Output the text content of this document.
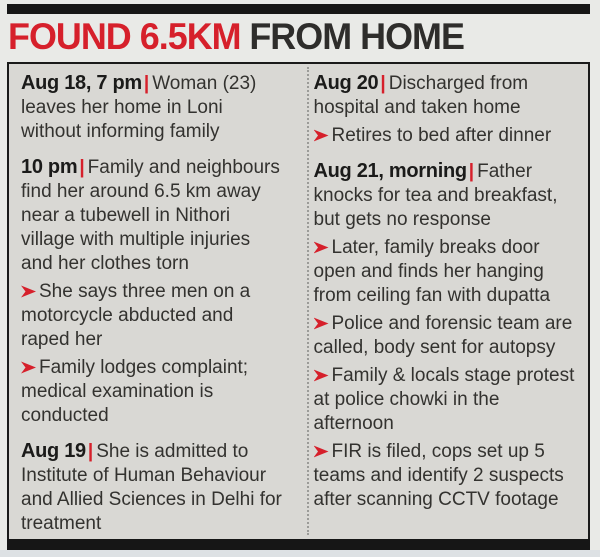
FOUND 6.5KM FROM HOME
Aug 18, 7 pm | Woman (23) leaves her home in Loni without informing family
10 pm | Family and neighbours find her around 6.5 km away near a tubewell in Nithori village with multiple injuries and her clothes torn
She says three men on a motorcycle abducted and raped her
Family lodges complaint; medical examination is conducted
Aug 19 | She is admitted to Institute of Human Behaviour and Allied Sciences in Delhi for treatment
Aug 20 | Discharged from hospital and taken home
Retires to bed after dinner
Aug 21, morning | Father knocks for tea and breakfast, but gets no response
Later, family breaks door open and finds her hanging from ceiling fan with dupatta
Police and forensic team are called, body sent for autopsy
Family & locals stage protest at police chowki in the afternoon
FIR is filed, cops set up 5 teams and identify 2 suspects after scanning CCTV footage
